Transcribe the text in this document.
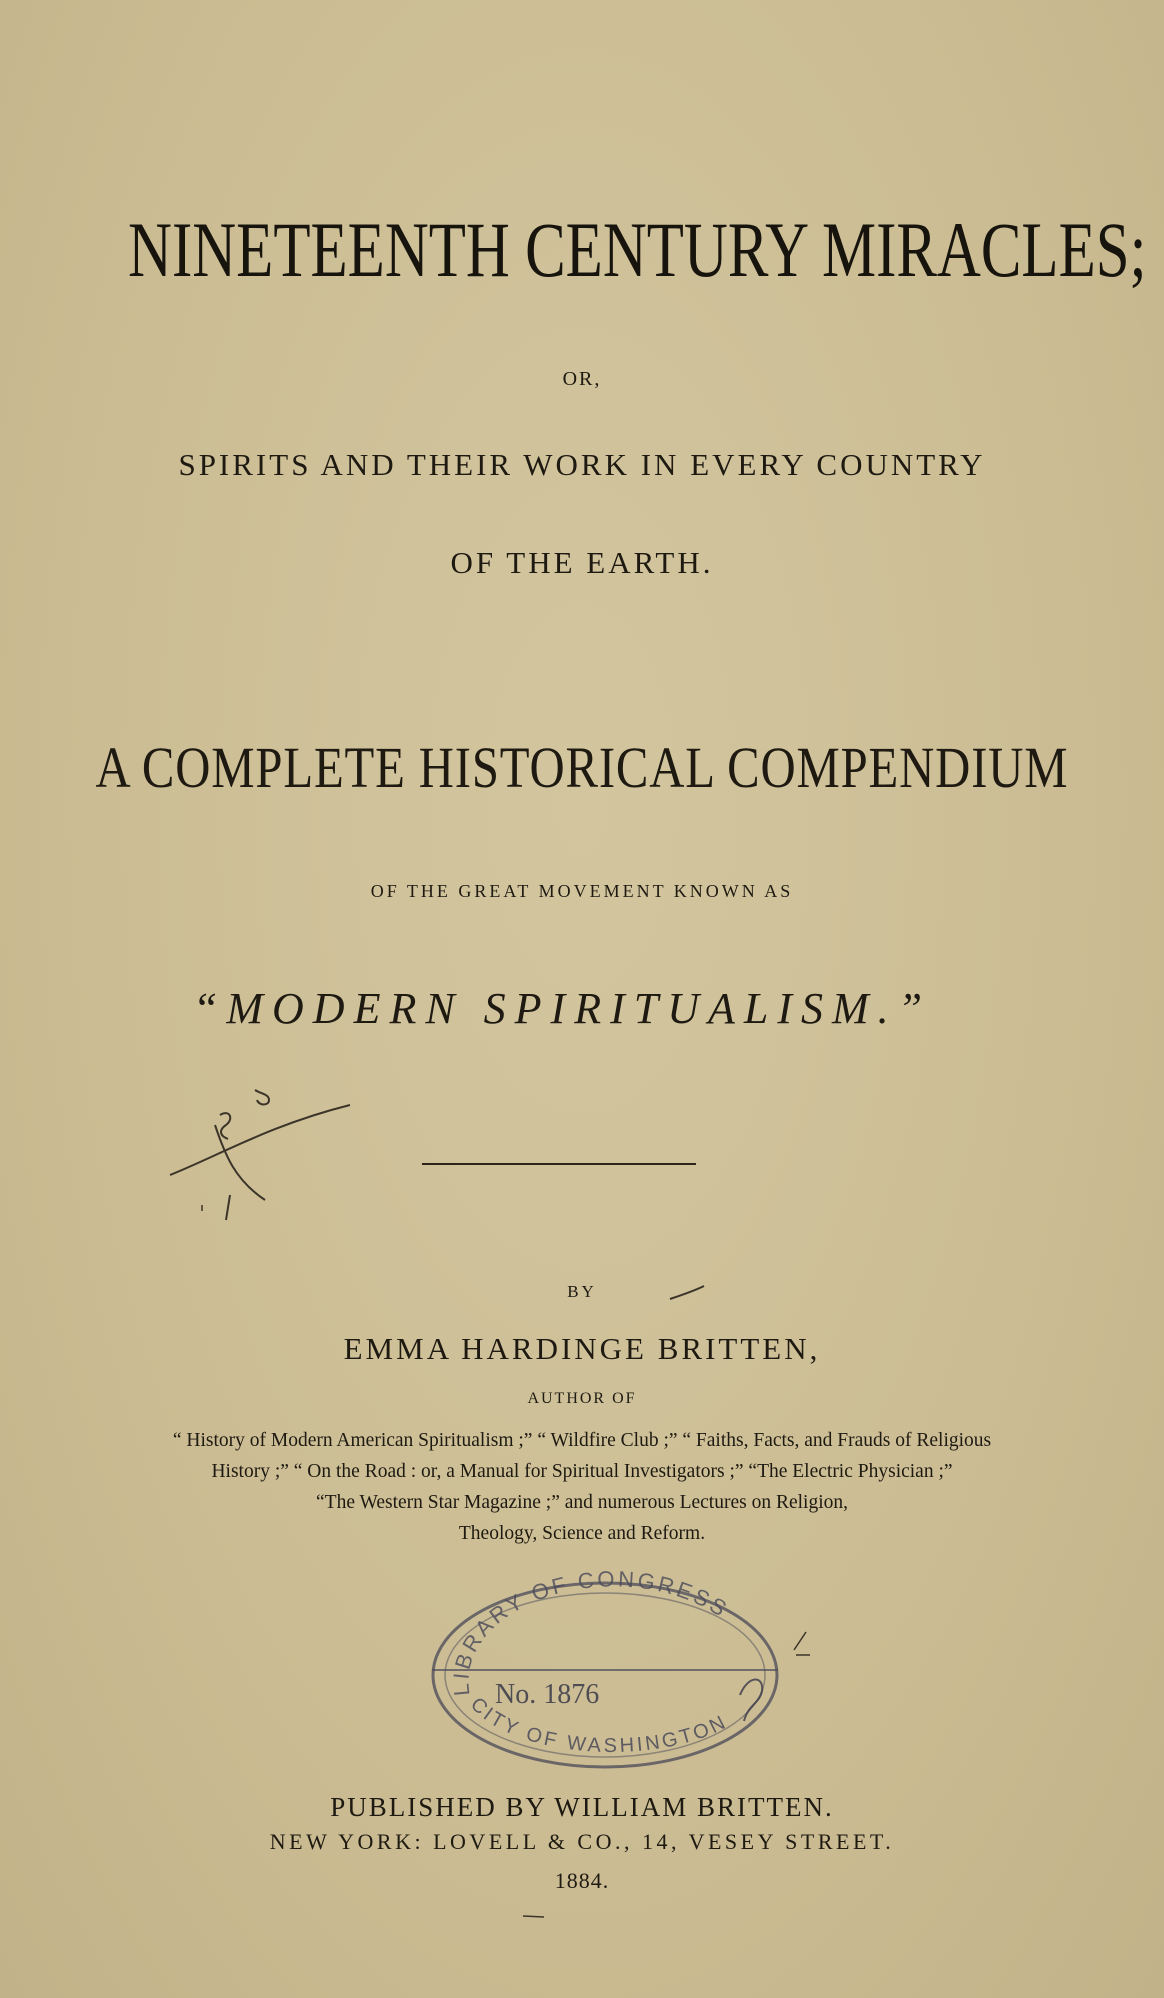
NINETEENTH CENTURY MIRACLES;
OR,
SPIRITS AND THEIR WORK IN EVERY COUNTRY
OF THE EARTH.
A COMPLETE HISTORICAL COMPENDIUM
OF THE GREAT MOVEMENT KNOWN AS
“MODERN SPIRITUALISM.”
BY
EMMA HARDINGE BRITTEN,
AUTHOR OF
“ History of Modern American Spiritualism ;” “ Wildfire Club ;” “ Faiths, Facts, and Frauds of Religious
History ;” “ On the Road : or, a Manual for Spiritual Investigators ;” “The Electric Physician ;”
“The Western Star Magazine ;” and numerous Lectures on Religion,
Theology, Science and Reform.
LIBRARY OF CONGRESS
No. 1876
CITY OF WASHINGTON
PUBLISHED BY WILLIAM BRITTEN.
NEW YORK: LOVELL & CO., 14, VESEY STREET.
1884.
